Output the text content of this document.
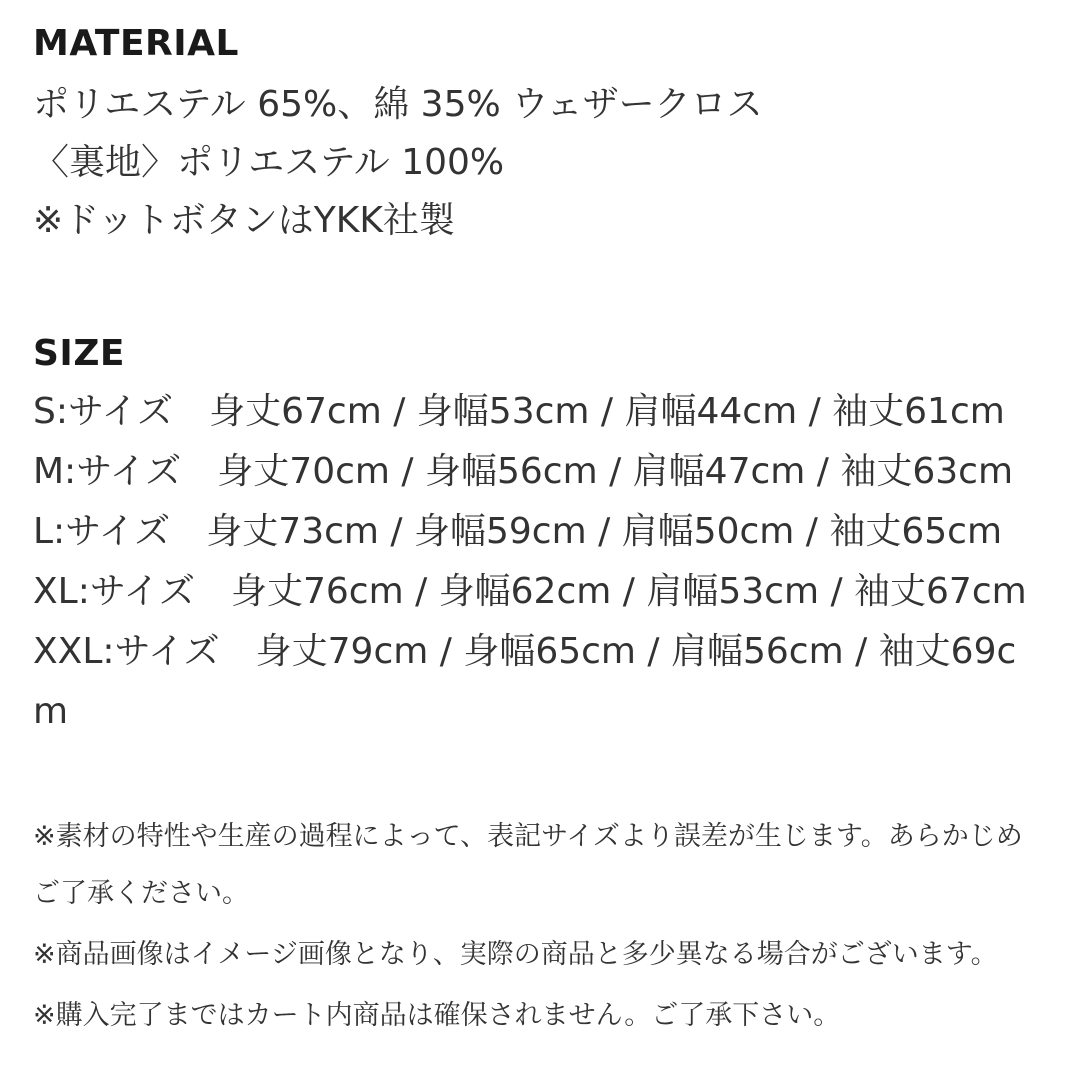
MATERIAL
ポリエステル 65%、綿 35% ウェザークロス
〈裏地〉ポリエステル 100%
※ドットボタンはYKK社製
SIZE
S:サイズ　身丈67cm / 身幅53cm / 肩幅44cm / 袖丈61cm
M:サイズ　身丈70cm / 身幅56cm / 肩幅47cm / 袖丈63cm
L:サイズ　身丈73cm / 身幅59cm / 肩幅50cm / 袖丈65cm
XL:サイズ　身丈76cm / 身幅62cm / 肩幅53cm / 袖丈67cm
XXL:サイズ　身丈79cm / 身幅65cm / 肩幅56cm / 袖丈69cm
※素材の特性や生産の過程によって、表記サイズより誤差が生じます。あらかじめご了承ください。
※商品画像はイメージ画像となり、実際の商品と多少異なる場合がございます。
※購入完了まではカート内商品は確保されません。ご了承下さい。
